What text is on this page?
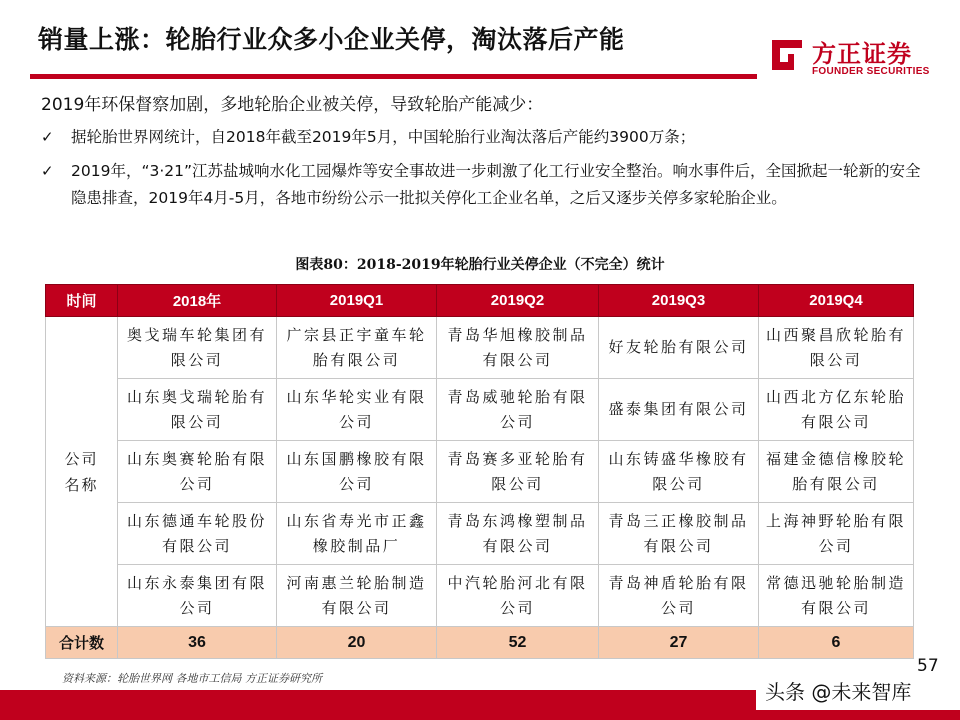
销量上涨：轮胎行业众多小企业关停，淘汰落后产能	方正证券
FOUNDER SECURITIES
2019年环保督察加剧，多地轮胎企业被关停，导致轮胎产能减少：
✓ 据轮胎世界网统计，自2018年截至2019年5月，中国轮胎行业淘汰落后产能约3900万条；
✓ 2019年，“3·21”江苏盐城响水化工园爆炸等安全事故进一步刺激了化工行业安全整治。响水事件后，全国掀起一轮新的安全隐患排查，2019年4月-5月，各地市纷纷公示一批拟关停化工企业名单，之后又逐步关停多家轮胎企业。
图表80：2018-2019年轮胎行业关停企业（不完全）统计
时间	2018年	2019Q1	2019Q2	2019Q3	2019Q4
公司名称	奥戈瑞车轮集团有限公司	广宗县正宇童车轮胎有限公司	青岛华旭橡胶制品有限公司	好友轮胎有限公司	山西聚昌欣轮胎有限公司
	山东奥戈瑞轮胎有限公司	山东华轮实业有限公司	青岛威驰轮胎有限公司	盛泰集团有限公司	山西北方亿东轮胎有限公司
	山东奥赛轮胎有限公司	山东国鹏橡胶有限公司	青岛赛多亚轮胎有限公司	山东铸盛华橡胶有限公司	福建金德信橡胶轮胎有限公司
	山东德通车轮股份有限公司	山东省寿光市正鑫橡胶制品厂	青岛东鸿橡塑制品有限公司	青岛三正橡胶制品有限公司	上海神野轮胎有限公司
	山东永泰集团有限公司	河南惠兰轮胎制造有限公司	中汽轮胎河北有限公司	青岛神盾轮胎有限公司	常德迅驰轮胎制造有限公司
合计数	36	20	52	27	6
资料来源：轮胎世界网 各地市工信局 方正证券研究所
57
头条 @未来智库
